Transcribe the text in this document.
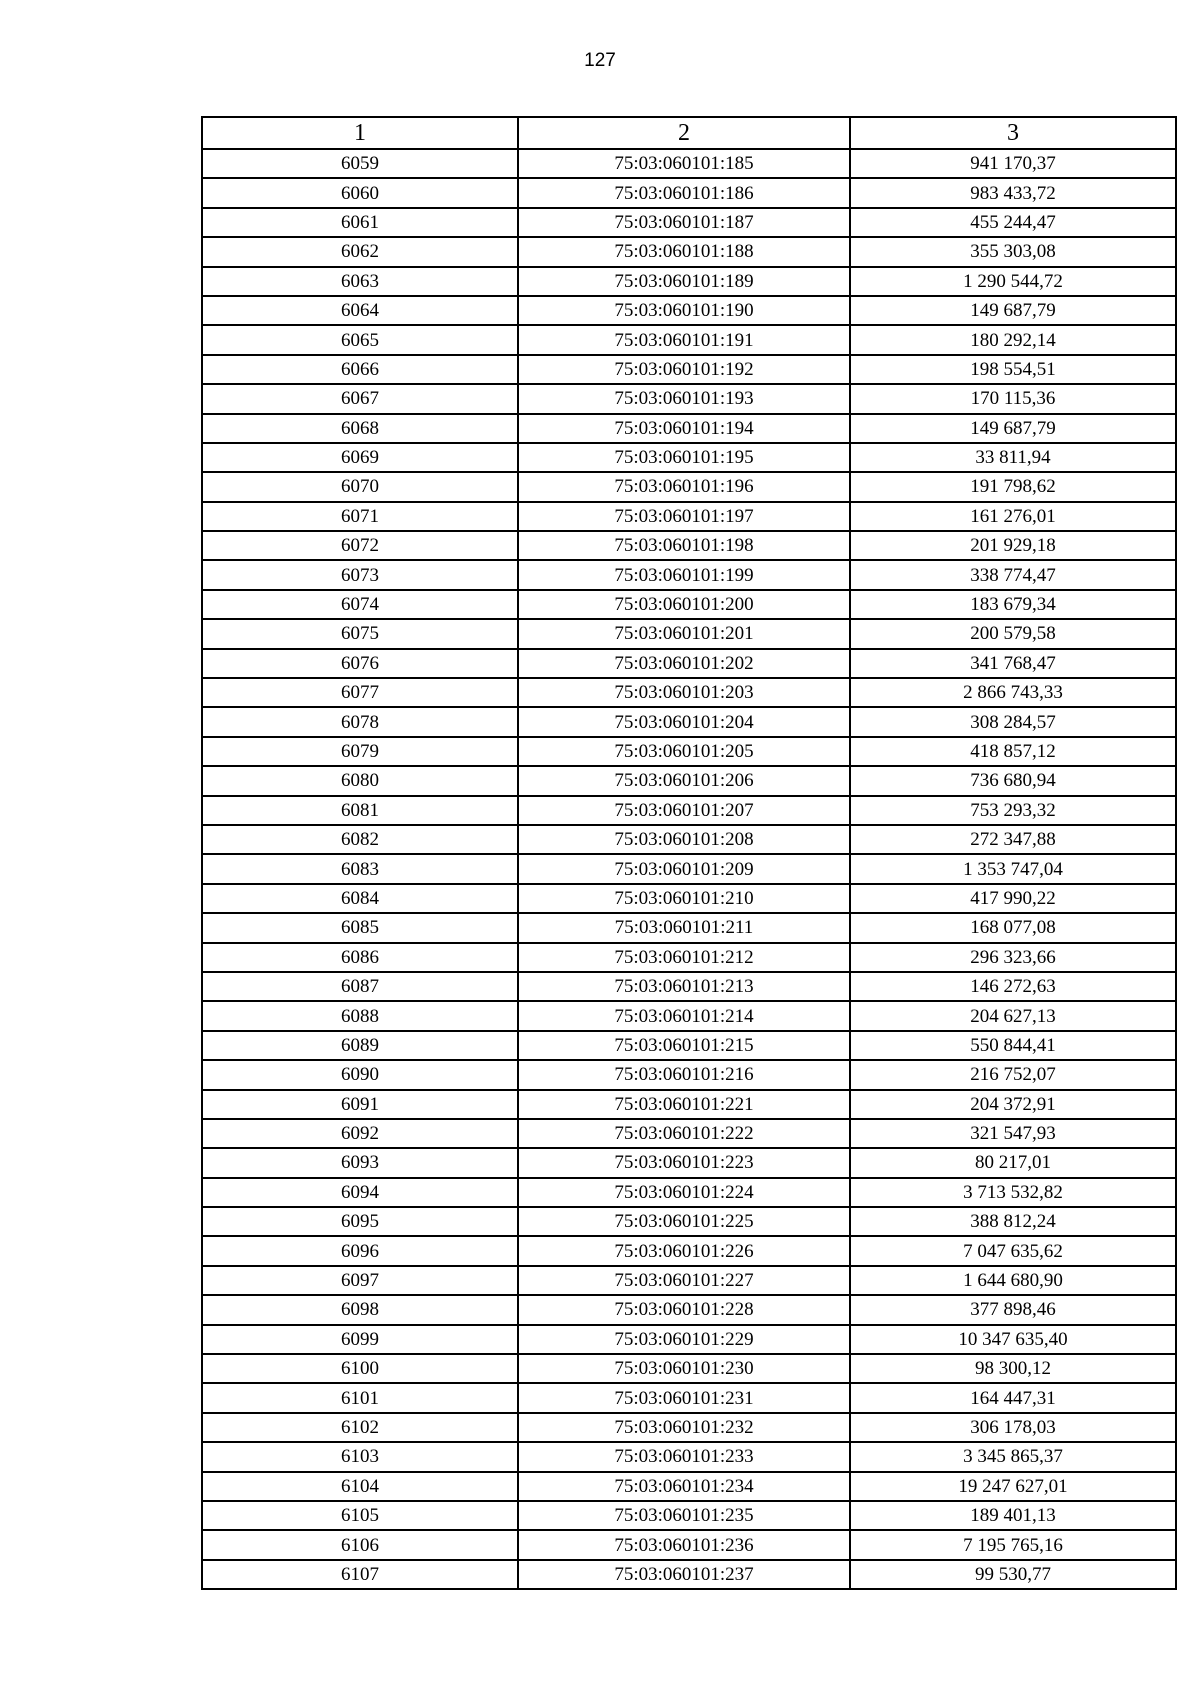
127
1	2	3
6059	75:03:060101:185	941 170,37
6060	75:03:060101:186	983 433,72
6061	75:03:060101:187	455 244,47
6062	75:03:060101:188	355 303,08
6063	75:03:060101:189	1 290 544,72
6064	75:03:060101:190	149 687,79
6065	75:03:060101:191	180 292,14
6066	75:03:060101:192	198 554,51
6067	75:03:060101:193	170 115,36
6068	75:03:060101:194	149 687,79
6069	75:03:060101:195	33 811,94
6070	75:03:060101:196	191 798,62
6071	75:03:060101:197	161 276,01
6072	75:03:060101:198	201 929,18
6073	75:03:060101:199	338 774,47
6074	75:03:060101:200	183 679,34
6075	75:03:060101:201	200 579,58
6076	75:03:060101:202	341 768,47
6077	75:03:060101:203	2 866 743,33
6078	75:03:060101:204	308 284,57
6079	75:03:060101:205	418 857,12
6080	75:03:060101:206	736 680,94
6081	75:03:060101:207	753 293,32
6082	75:03:060101:208	272 347,88
6083	75:03:060101:209	1 353 747,04
6084	75:03:060101:210	417 990,22
6085	75:03:060101:211	168 077,08
6086	75:03:060101:212	296 323,66
6087	75:03:060101:213	146 272,63
6088	75:03:060101:214	204 627,13
6089	75:03:060101:215	550 844,41
6090	75:03:060101:216	216 752,07
6091	75:03:060101:221	204 372,91
6092	75:03:060101:222	321 547,93
6093	75:03:060101:223	80 217,01
6094	75:03:060101:224	3 713 532,82
6095	75:03:060101:225	388 812,24
6096	75:03:060101:226	7 047 635,62
6097	75:03:060101:227	1 644 680,90
6098	75:03:060101:228	377 898,46
6099	75:03:060101:229	10 347 635,40
6100	75:03:060101:230	98 300,12
6101	75:03:060101:231	164 447,31
6102	75:03:060101:232	306 178,03
6103	75:03:060101:233	3 345 865,37
6104	75:03:060101:234	19 247 627,01
6105	75:03:060101:235	189 401,13
6106	75:03:060101:236	7 195 765,16
6107	75:03:060101:237	99 530,77
